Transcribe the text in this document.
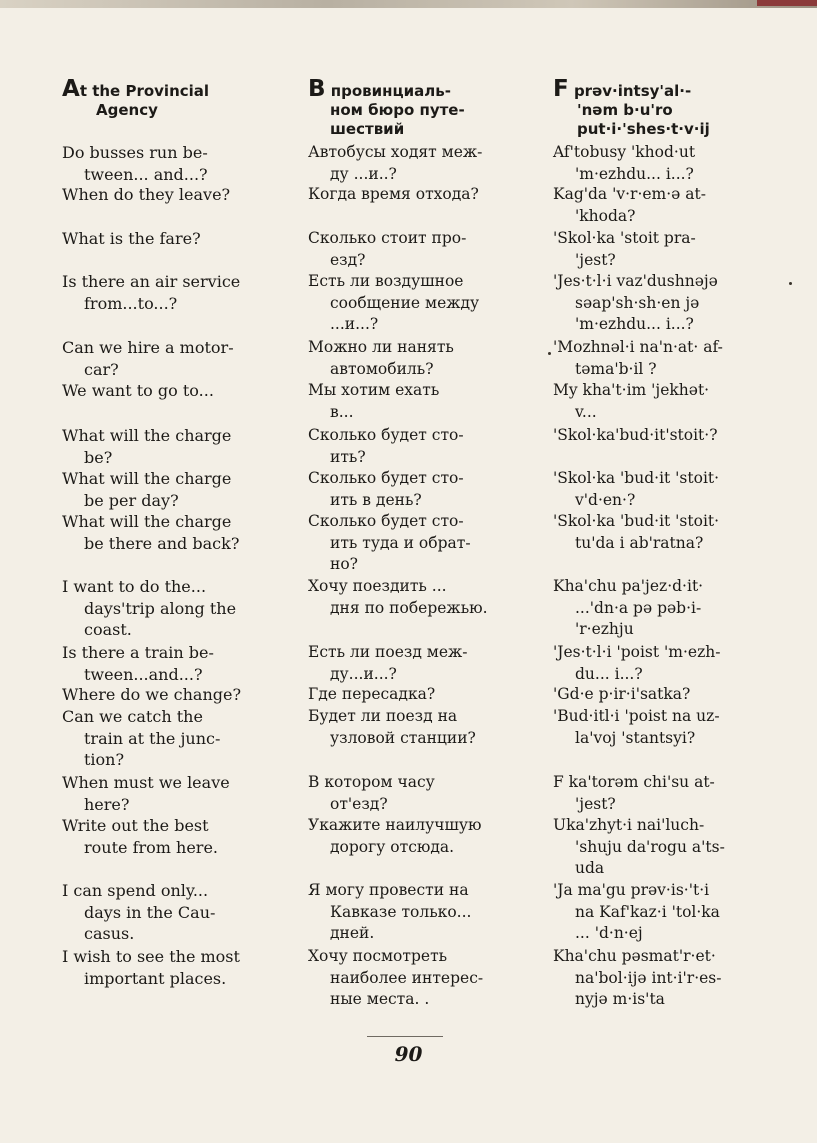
At the Provincial
Agency
Do busses run be-
tween... and...?
When do they leave?
What is the fare?
Is there an air service
from...to...?
Can we hire a motor-
car?
We want to go to...
What will the charge
be?
What will the charge
be per day?
What will the charge
be there and back?
I want to do the...
days'trip along the
coast.
Is there a train be-
tween...and...?
Where do we change?
Can we catch the
train at the junc-
tion?
When must we leave
here?
Write out the best
route from here.
I can spend only...
days in the Cau-
casus.
I wish to see the most
important places.
В провинциаль-
ном бюро путе-
шествий
Автобусы ходят меж-
ду ...и..?
Когда время отхода?
Сколько стоит про-
езд?
Есть ли воздушное
сообщение между
...и...?
Можно ли нанять
автомобиль?
Мы хотим ехать
в...
Сколько будет сто-
ить?
Сколько будет сто-
ить в день?
Сколько будет сто-
ить туда и обрат-
но?
Хочу поездить ...
дня по побережью.
Есть ли поезд меж-
ду...и...?
Где пересадка?
Будет ли поезд на
узловой станции?
В котором часу
от'езд?
Укажите наилучшую
дорогу отсюда.
Я могу провести на
Кавказе только...
дней.
Хочу посмотреть
наиболее интерес-
ные места. .
F prəv·intsy'al·-
'nəm b·u'ro
put·i·'shes·t·v·ij
Af'tobusy 'khod·ut
'm·ezhdu... i...?
Kag'da 'v·r·em·ə at-
'khoda?
'Skol·ka 'stoit pra-
'jest?
'Jes·t·l·i vaz'dushnəjə
səap'sh·sh·en jə
'm·ezhdu... i...?
'Mozhnəl·i na'n·at· af-
təma'b·il ?
My kha't·im 'jekhət·
v...
'Skol·ka'bud·it'stoit·?
'Skol·ka 'bud·it 'stoit·
v'd·en·?
'Skol·ka 'bud·it 'stoit·
tu'da i ab'ratna?
Kha'chu pa'jez·d·it·
...'dn·a pə pəb·i-
'r·ezhju
'Jes·t·l·i 'poist 'm·ezh-
du... i...?
'Gd·e p·ir·i'satka?
'Bud·itl·i 'poist na uz-
la'voj 'stantsyi?
F ka'torəm chi'su at-
'jest?
Uka'zhyt·i nai'luch-
'shuju da'rogu a'ts-
uda
'Ja ma'gu prəv·is·'t·i
na Kaf'kaz·i 'tol·ka
... 'd·n·ej
Kha'chu pəsmat'r·et·
na'bol·ijə int·i'r·es-
nyjə m·is'ta
90
